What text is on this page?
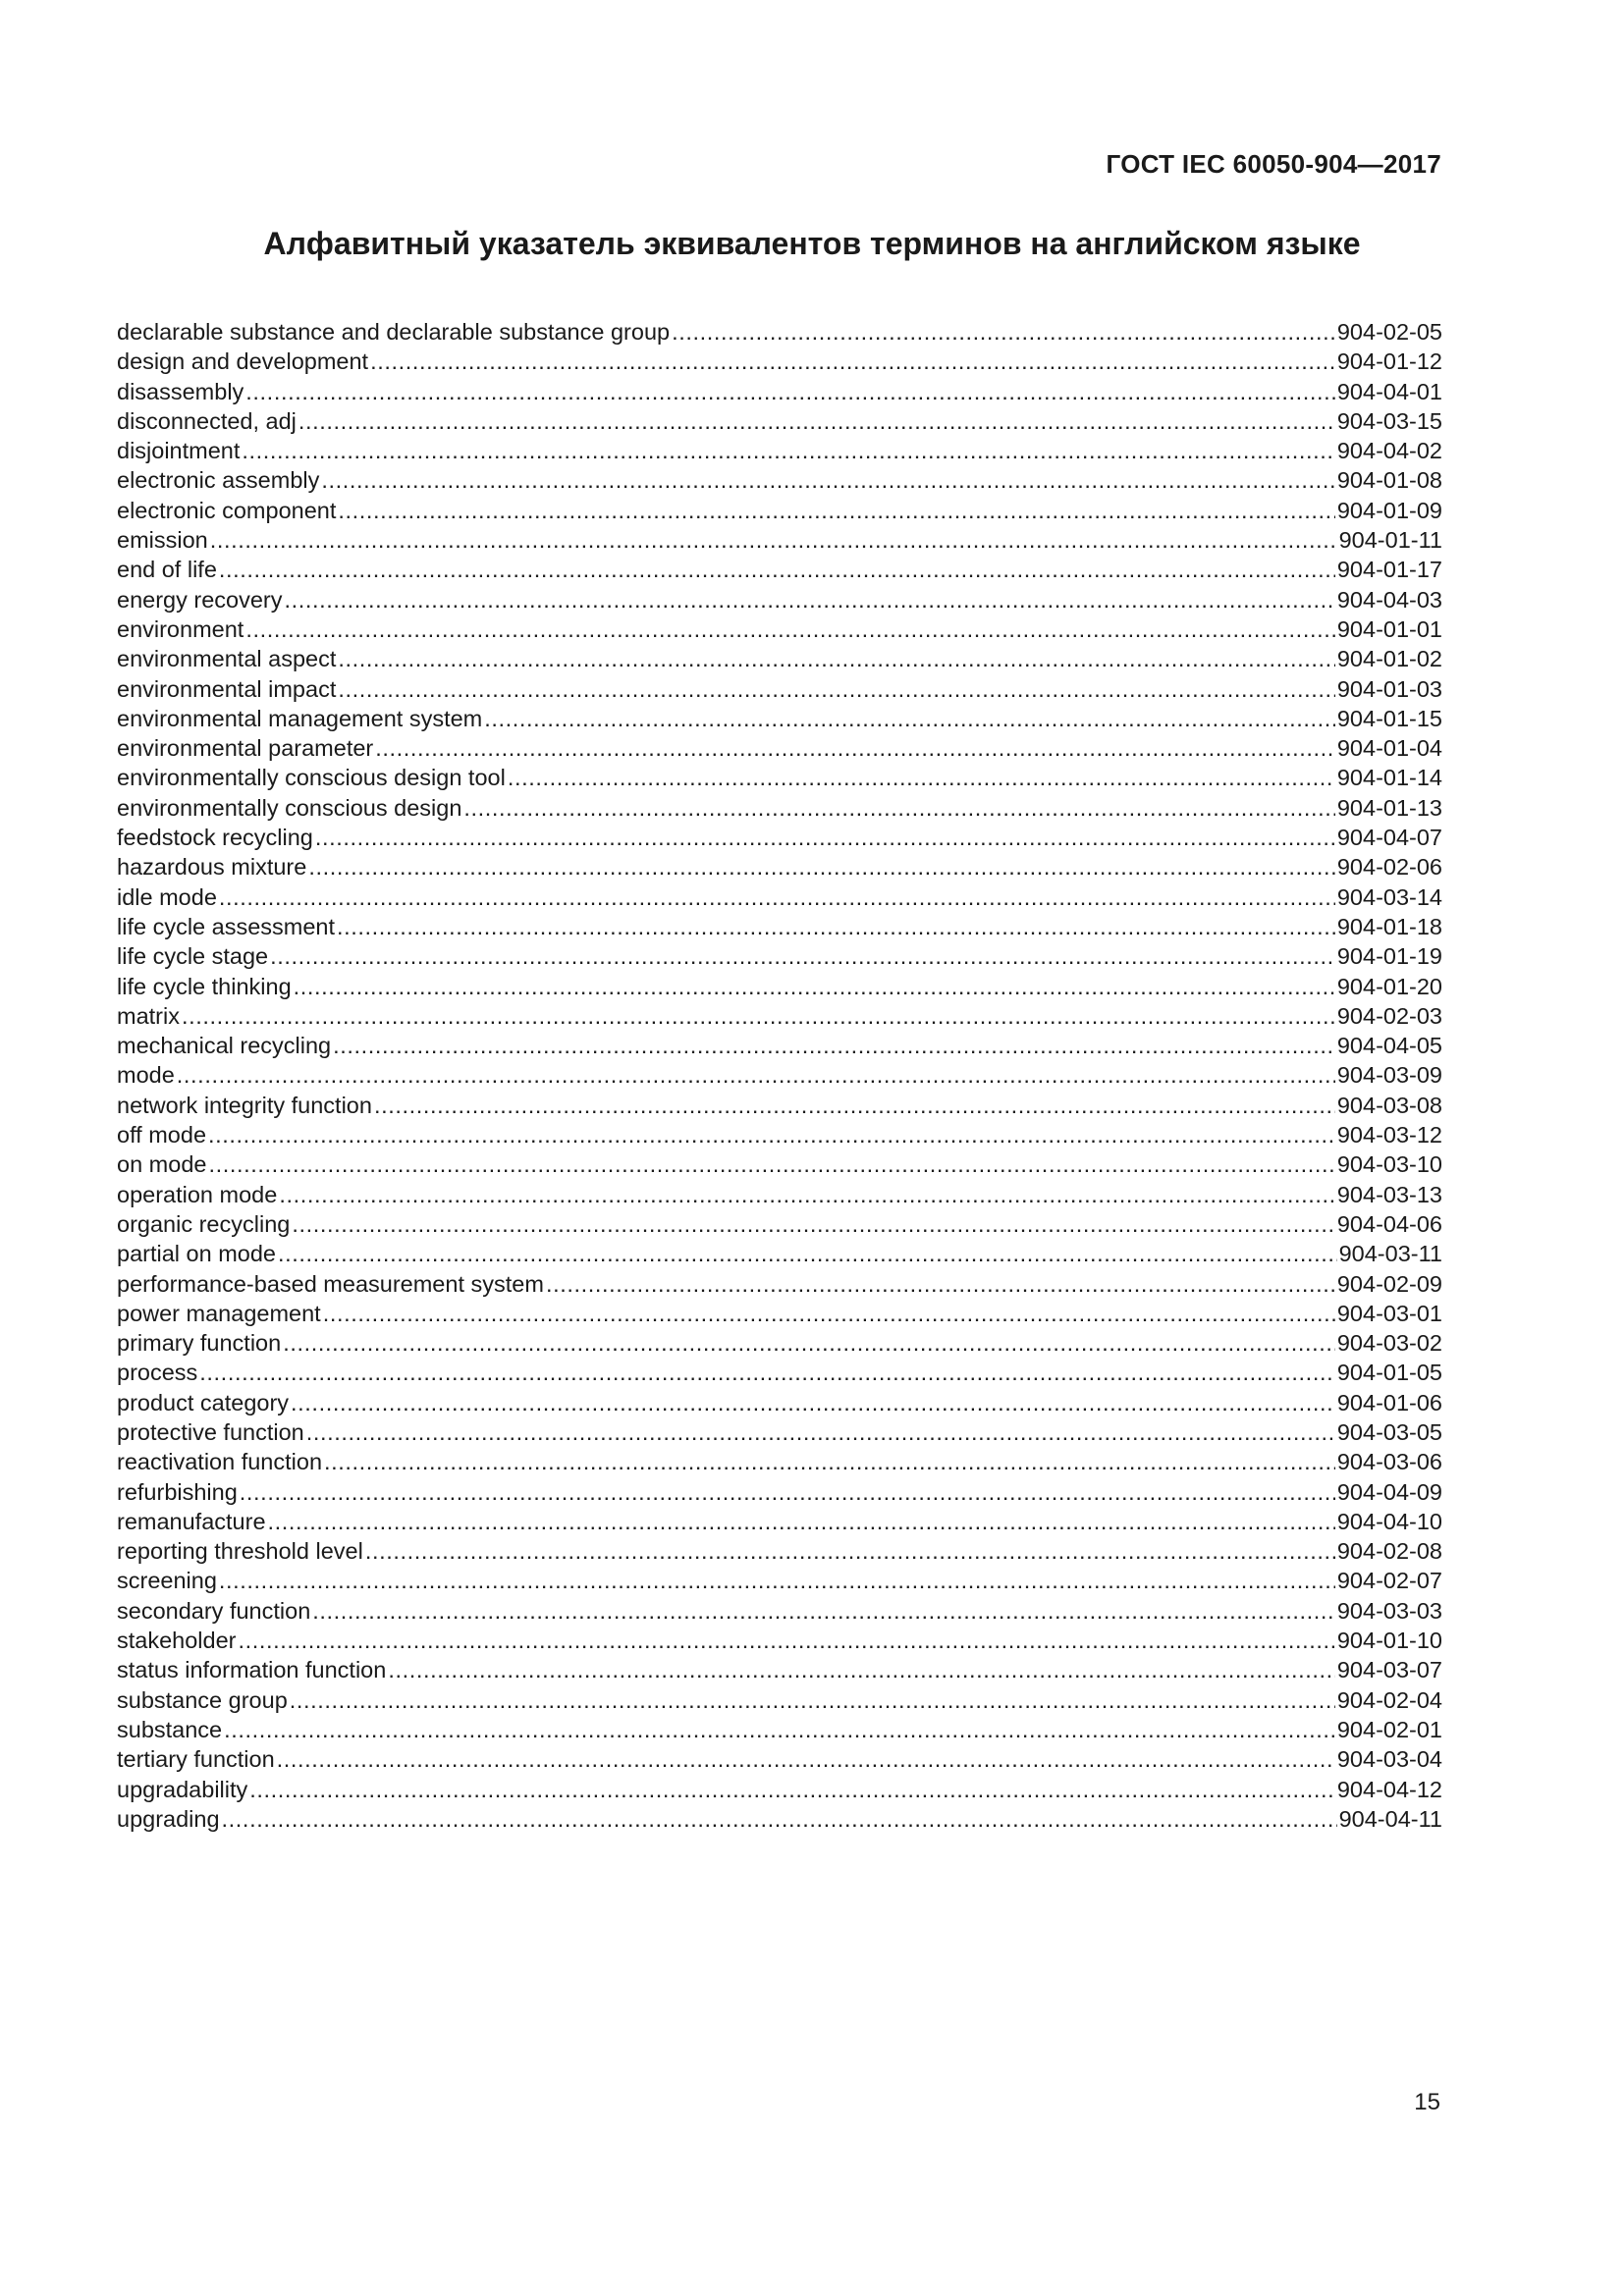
ГОСТ IEC 60050-904—2017
Алфавитный указатель эквивалентов терминов на английском языке
declarable substance and declarable substance group .....	904-02-05
design and development .....	904-01-12
disassembly .....	904-04-01
disconnected, adj .....	904-03-15
disjointment .....	904-04-02
electronic assembly .....	904-01-08
electronic component .....	904-01-09
emission .....	904-01-11
end of life .....	904-01-17
energy recovery .....	904-04-03
environment .....	904-01-01
environmental aspect .....	904-01-02
environmental impact .....	904-01-03
environmental management system .....	904-01-15
environmental parameter .....	904-01-04
environmentally conscious design tool .....	904-01-14
environmentally conscious design .....	904-01-13
feedstock recycling .....	904-04-07
hazardous mixture .....	904-02-06
idle mode .....	904-03-14
life cycle assessment .....	904-01-18
life cycle stage .....	904-01-19
life cycle thinking .....	904-01-20
matrix .....	904-02-03
mechanical recycling .....	904-04-05
mode .....	904-03-09
network integrity function .....	904-03-08
off mode .....	904-03-12
on mode .....	904-03-10
operation mode .....	904-03-13
organic recycling .....	904-04-06
partial on mode .....	904-03-11
performance-based measurement system .....	904-02-09
power management .....	904-03-01
primary function .....	904-03-02
process .....	904-01-05
product category .....	904-01-06
protective function .....	904-03-05
reactivation function .....	904-03-06
refurbishing .....	904-04-09
remanufacture .....	904-04-10
reporting threshold level .....	904-02-08
screening .....	904-02-07
secondary function .....	904-03-03
stakeholder .....	904-01-10
status information function .....	904-03-07
substance group .....	904-02-04
substance .....	904-02-01
tertiary function .....	904-03-04
upgradability .....	904-04-12
upgrading .....	904-04-11
15
